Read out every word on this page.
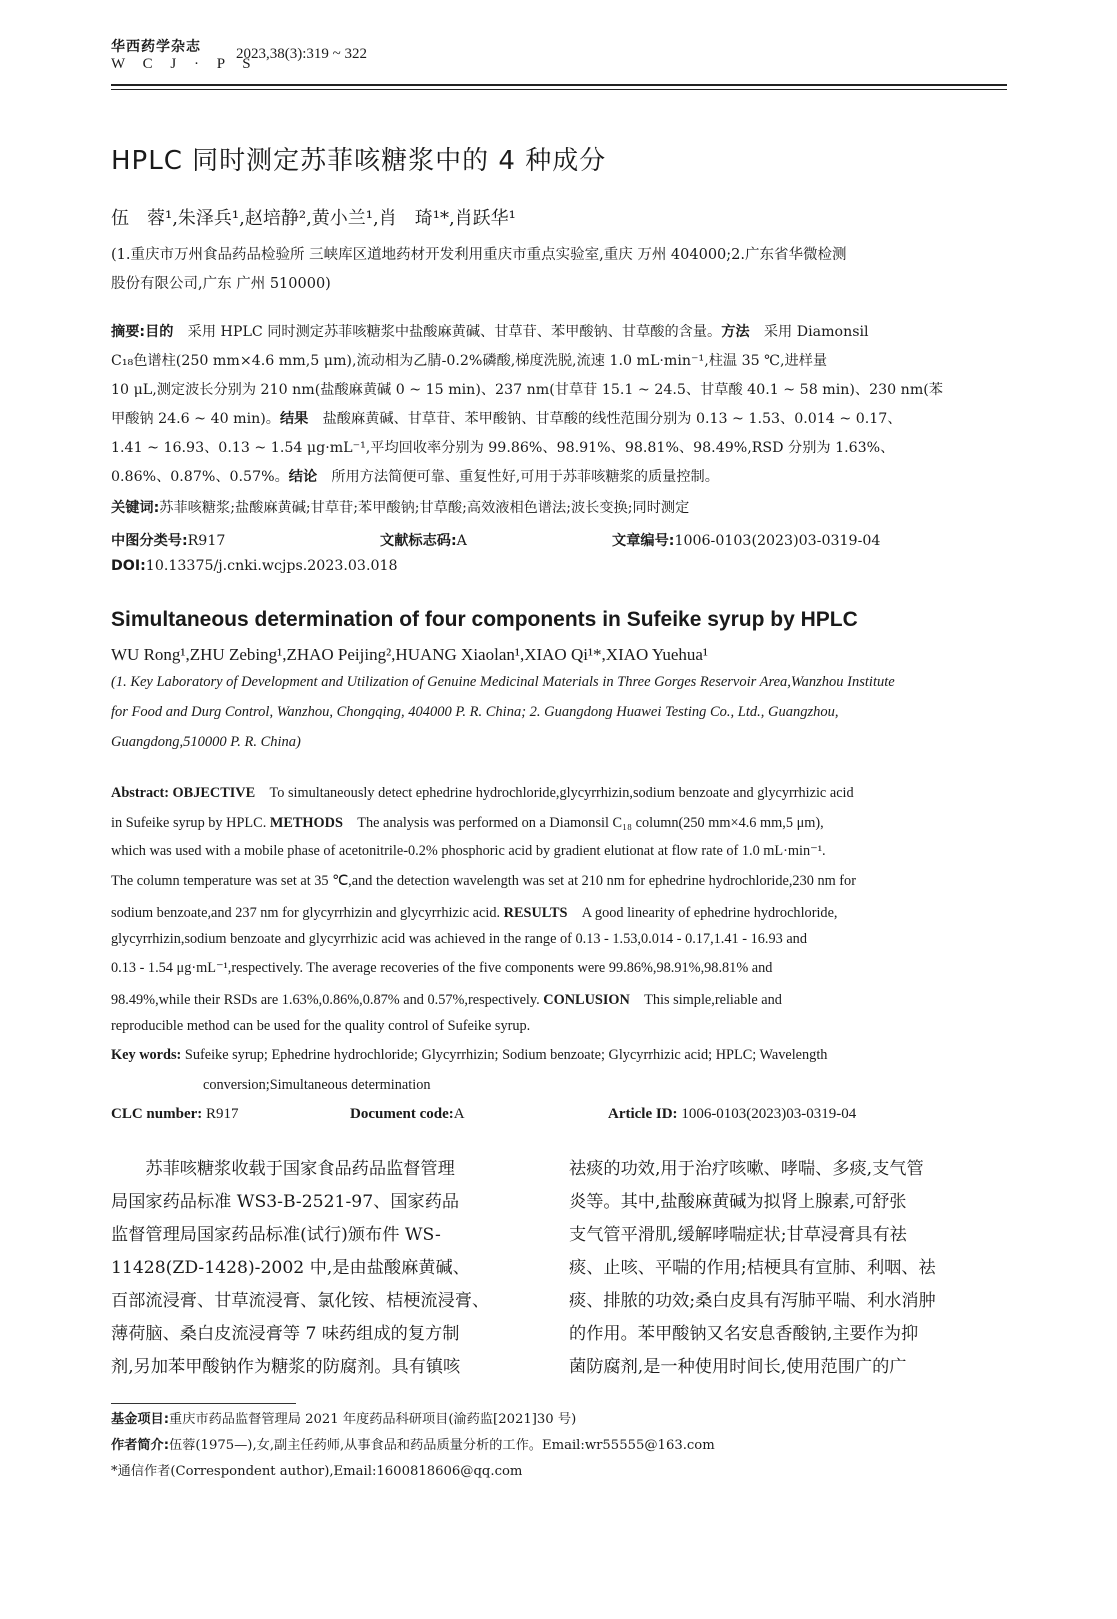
华西药学杂志
W C J · P S
2023,38(3):319 ~ 322
HPLC 同时测定苏菲咳糖浆中的 4 种成分
伍　蓉¹,朱泽兵¹,赵培静²,黄小兰¹,肖　琦¹*,肖跃华¹
(1.重庆市万州食品药品检验所 三峡库区道地药材开发利用重庆市重点实验室,重庆 万州 404000;2.广东省华微检测
股份有限公司,广东 广州 510000)
摘要:目的　采用 HPLC 同时测定苏菲咳糖浆中盐酸麻黄碱、甘草苷、苯甲酸钠、甘草酸的含量。方法　采用 Diamonsil
C₁₈色谱柱(250 mm×4.6 mm,5 μm),流动相为乙腈-0.2%磷酸,梯度洗脱,流速 1.0 mL·min⁻¹,柱温 35 ℃,进样量
10 μL,测定波长分别为 210 nm(盐酸麻黄碱 0 ~ 15 min)、237 nm(甘草苷 15.1 ~ 24.5、甘草酸 40.1 ~ 58 min)、230 nm(苯
甲酸钠 24.6 ~ 40 min)。结果　盐酸麻黄碱、甘草苷、苯甲酸钠、甘草酸的线性范围分别为 0.13 ~ 1.53、0.014 ~ 0.17、
1.41 ~ 16.93、0.13 ~ 1.54 μg·mL⁻¹,平均回收率分别为 99.86%、98.91%、98.81%、98.49%,RSD 分别为 1.63%、
0.86%、0.87%、0.57%。结论　所用方法简便可靠、重复性好,可用于苏菲咳糖浆的质量控制。
关键词:苏菲咳糖浆;盐酸麻黄碱;甘草苷;苯甲酸钠;甘草酸;高效液相色谱法;波长变换;同时测定
中图分类号:R917	文献标志码:A	文章编号:1006-0103(2023)03-0319-04
DOI:10.13375/j.cnki.wcjps.2023.03.018
Simultaneous determination of four components in Sufeike syrup by HPLC
WU Rong¹,ZHU Zebing¹,ZHAO Peijing²,HUANG Xiaolan¹,XIAO Qi¹*,XIAO Yuehua¹
(1. Key Laboratory of Development and Utilization of Genuine Medicinal Materials in Three Gorges Reservoir Area,Wanzhou Institute
for Food and Durg Control, Wanzhou, Chongqing, 404000 P. R. China; 2. Guangdong Huawei Testing Co., Ltd., Guangzhou,
Guangdong,510000 P. R. China)
Abstract: OBJECTIVE　To simultaneously detect ephedrine hydrochloride,glycyrrhizin,sodium benzoate and glycyrrhizic acid
in Sufeike syrup by HPLC. METHODS　The analysis was performed on a Diamonsil C₁₈ column(250 mm×4.6 mm,5 μm),
which was used with a mobile phase of acetonitrile-0.2% phosphoric acid by gradient elutionat at flow rate of 1.0 mL·min⁻¹.
The column temperature was set at 35 ℃,and the detection wavelength was set at 210 nm for ephedrine hydrochloride,230 nm for
sodium benzoate,and 237 nm for glycyrrhizin and glycyrrhizic acid. RESULTS　A good linearity of ephedrine hydrochloride,
glycyrrhizin,sodium benzoate and glycyrrhizic acid was achieved in the range of 0.13 - 1.53,0.014 - 0.17,1.41 - 16.93 and
0.13 - 1.54 μg·mL⁻¹,respectively. The average recoveries of the five components were 99.86%,98.91%,98.81% and
98.49%,while their RSDs are 1.63%,0.86%,0.87% and 0.57%,respectively. CONLUSION　This simple,reliable and
reproducible method can be used for the quality control of Sufeike syrup.
Key words: Sufeike syrup; Ephedrine hydrochloride; Glycyrrhizin; Sodium benzoate; Glycyrrhizic acid; HPLC; Wavelength
conversion;Simultaneous determination
CLC number: R917	Document code:A	Article ID: 1006-0103(2023)03-0319-04
　　苏菲咳糖浆收载于国家食品药品监督管理
局国家药品标准 WS3-B-2521-97、国家药品
监督管理局国家药品标准(试行)颁布件 WS-
11428(ZD-1428)-2002 中,是由盐酸麻黄碱、
百部流浸膏、甘草流浸膏、氯化铵、桔梗流浸膏、
薄荷脑、桑白皮流浸膏等 7 味药组成的复方制
剂,另加苯甲酸钠作为糖浆的防腐剂。具有镇咳
祛痰的功效,用于治疗咳嗽、哮喘、多痰,支气管
炎等。其中,盐酸麻黄碱为拟肾上腺素,可舒张
支气管平滑肌,缓解哮喘症状;甘草浸膏具有祛
痰、止咳、平喘的作用;桔梗具有宣肺、利咽、祛
痰、排脓的功效;桑白皮具有泻肺平喘、利水消肿
的作用。苯甲酸钠又名安息香酸钠,主要作为抑
菌防腐剂,是一种使用时间长,使用范围广的广
基金项目:重庆市药品监督管理局 2021 年度药品科研项目(渝药监[2021]30 号)
作者简介:伍蓉(1975—),女,副主任药师,从事食品和药品质量分析的工作。Email:wr55555@163.com
*通信作者(Correspondent author),Email:1600818606@qq.com
